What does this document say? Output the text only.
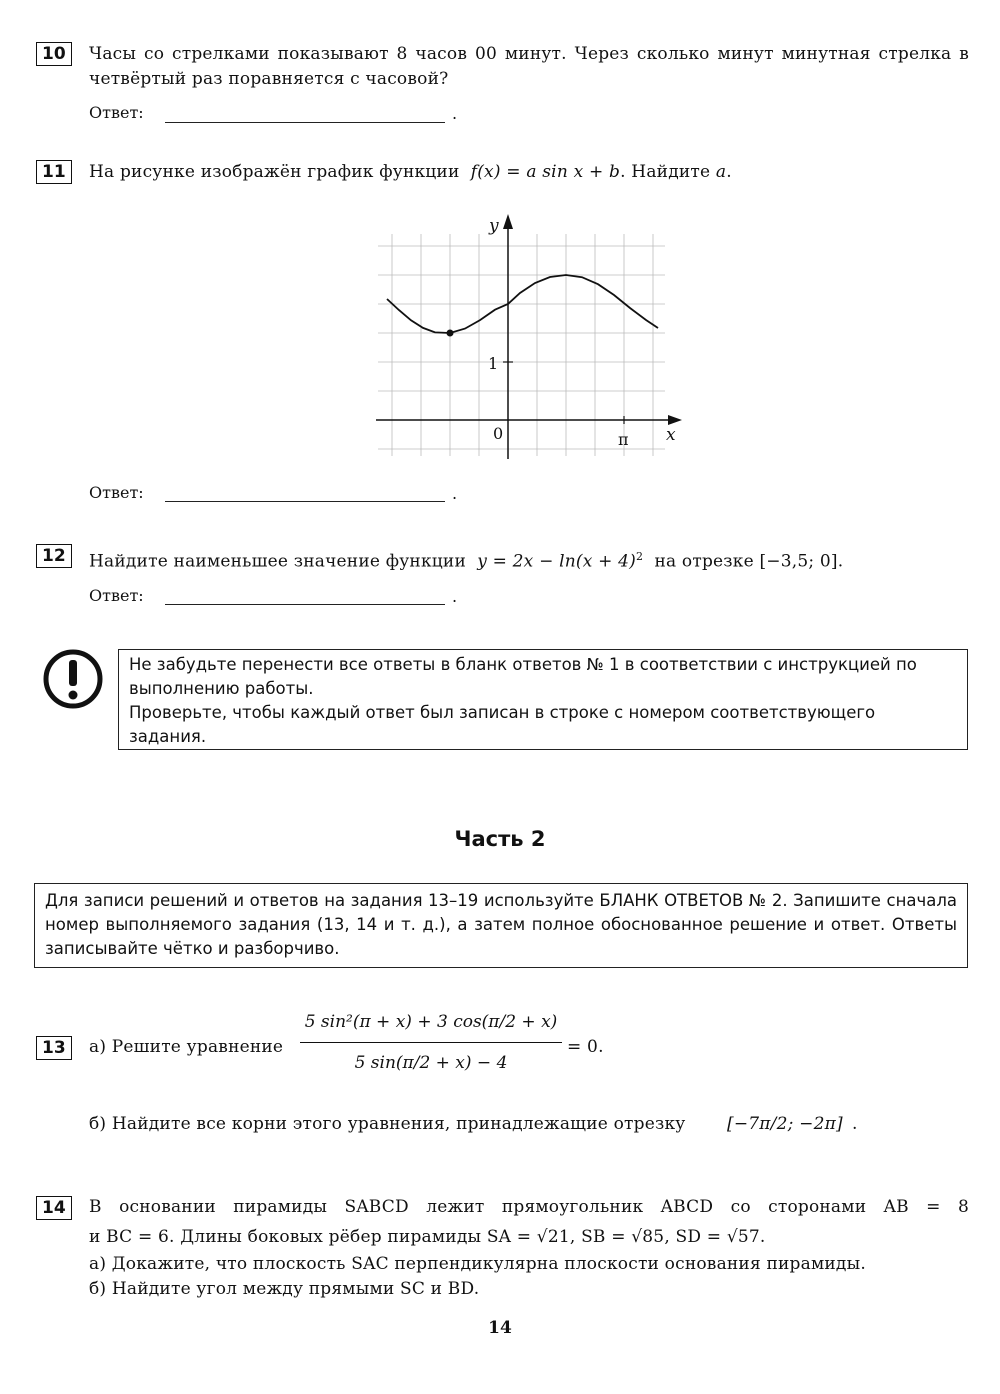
10	Часы со стрелками показывают 8 часов 00 минут. Через сколько минут минутная стрелка в четвёртый раз поравняется с часовой?
Ответ:	.
11	На рисунке изображён график функции f(x) = a sin x + b. Найдите a.
y
x
0
1
π
Ответ:	.
12	Найдите наименьшее значение функции $y = 2x - \ln(x + 4)^2$ на отрезке [−3,5; 0].
Ответ:	.
Не забудьте перенести все ответы в бланк ответов № 1 в соответствии с инструкцией по выполнению работы.
Проверьте, чтобы каждый ответ был записан в строке с номером соответствующего задания.
Часть 2
Для записи решений и ответов на задания 13–19 используйте БЛАНК ОТВЕТОВ № 2. Запишите сначала номер выполняемого задания (13, 14 и т. д.), а затем полное обоснованное решение и ответ. Ответы записывайте чётко и разборчиво.
13	а) Решите уравнение $\frac{\text{5 sin²(π + x) + 3 cos(π/2 + x)}}{5 \sin(\pi/2 + x) - 4} = 0$.
б) Найдите все корни этого уравнения, принадлежащие отрезку [−7π/2; −2π] .
14	В основании пирамиды SABCD лежит прямоугольник ABCD со сторонами AB = 8
и BC = 6. Длины боковых рёбер пирамиды SA = √21, SB = √85, SD = √57.
а) Докажите, что плоскость SAC перпендикулярна плоскости основания пирамиды.
б) Найдите угол между прямыми SC и BD.
14
